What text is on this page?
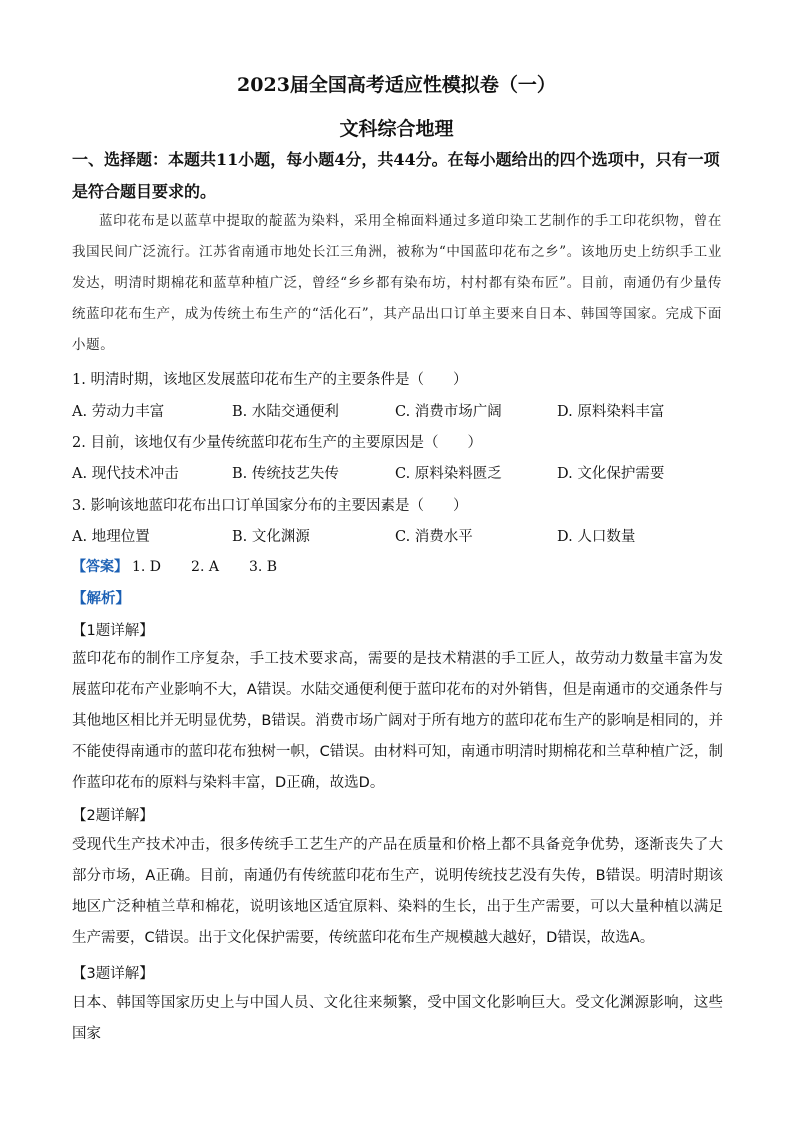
2023届全国高考适应性模拟卷（一）
文科综合地理
一、选择题：本题共11小题，每小题4分，共44分。在每小题给出的四个选项中，只有一项是符合题目要求的。

蓝印花布是以蓝草中提取的靛蓝为染料，采用全棉面料通过多道印染工艺制作的手工印花织物，曾在我国民间广泛流行。江苏省南通市地处长江三角洲，被称为“中国蓝印花布之乡”。该地历史上纺织手工业发达，明清时期棉花和蓝草种植广泛，曾经“乡乡都有染布坊，村村都有染布匠”。目前，南通仍有少量传统蓝印花布生产，成为传统土布生产的“活化石”，其产品出口订单主要来自日本、韩国等国家。完成下面小题。

1. 明清时期，该地区发展蓝印花布生产的主要条件是（　　）
A. 劳动力丰富	B. 水陆交通便利	C. 消费市场广阔	D. 原料染料丰富
2. 目前，该地仅有少量传统蓝印花布生产的主要原因是（　　）
A. 现代技术冲击	B. 传统技艺失传	C. 原料染料匮乏	D. 文化保护需要
3. 影响该地蓝印花布出口订单国家分布的主要因素是（　　）
A. 地理位置	B. 文化渊源	C. 消费水平	D. 人口数量
【答案】 1. D 2. A 3. B
【解析】
【1题详解】

蓝印花布的制作工序复杂，手工技术要求高，需要的是技术精湛的手工匠人，故劳动力数量丰富为发展蓝印花布产业影响不大，A错误。水陆交通便利便于蓝印花布的对外销售，但是南通市的交通条件与其他地区相比并无明显优势，B错误。消费市场广阔对于所有地方的蓝印花布生产的影响是相同的，并不能使得南通市的蓝印花布独树一帜，C错误。由材料可知，南通市明清时期棉花和兰草种植广泛，制作蓝印花布的原料与染料丰富，D正确，故选D。

【2题详解】

受现代生产技术冲击，很多传统手工艺生产的产品在质量和价格上都不具备竞争优势，逐渐丧失了大部分市场，A正确。目前，南通仍有传统蓝印花布生产，说明传统技艺没有失传，B错误。明清时期该地区广泛种植兰草和棉花，说明该地区适宜原料、染料的生长，出于生产需要，可以大量种植以满足生产需要，C错误。出于文化保护需要，传统蓝印花布生产规模越大越好，D错误，故选A。

【3题详解】

日本、韩国等国家历史上与中国人员、文化往来频繁，受中国文化影响巨大。受文化渊源影响，这些国家
